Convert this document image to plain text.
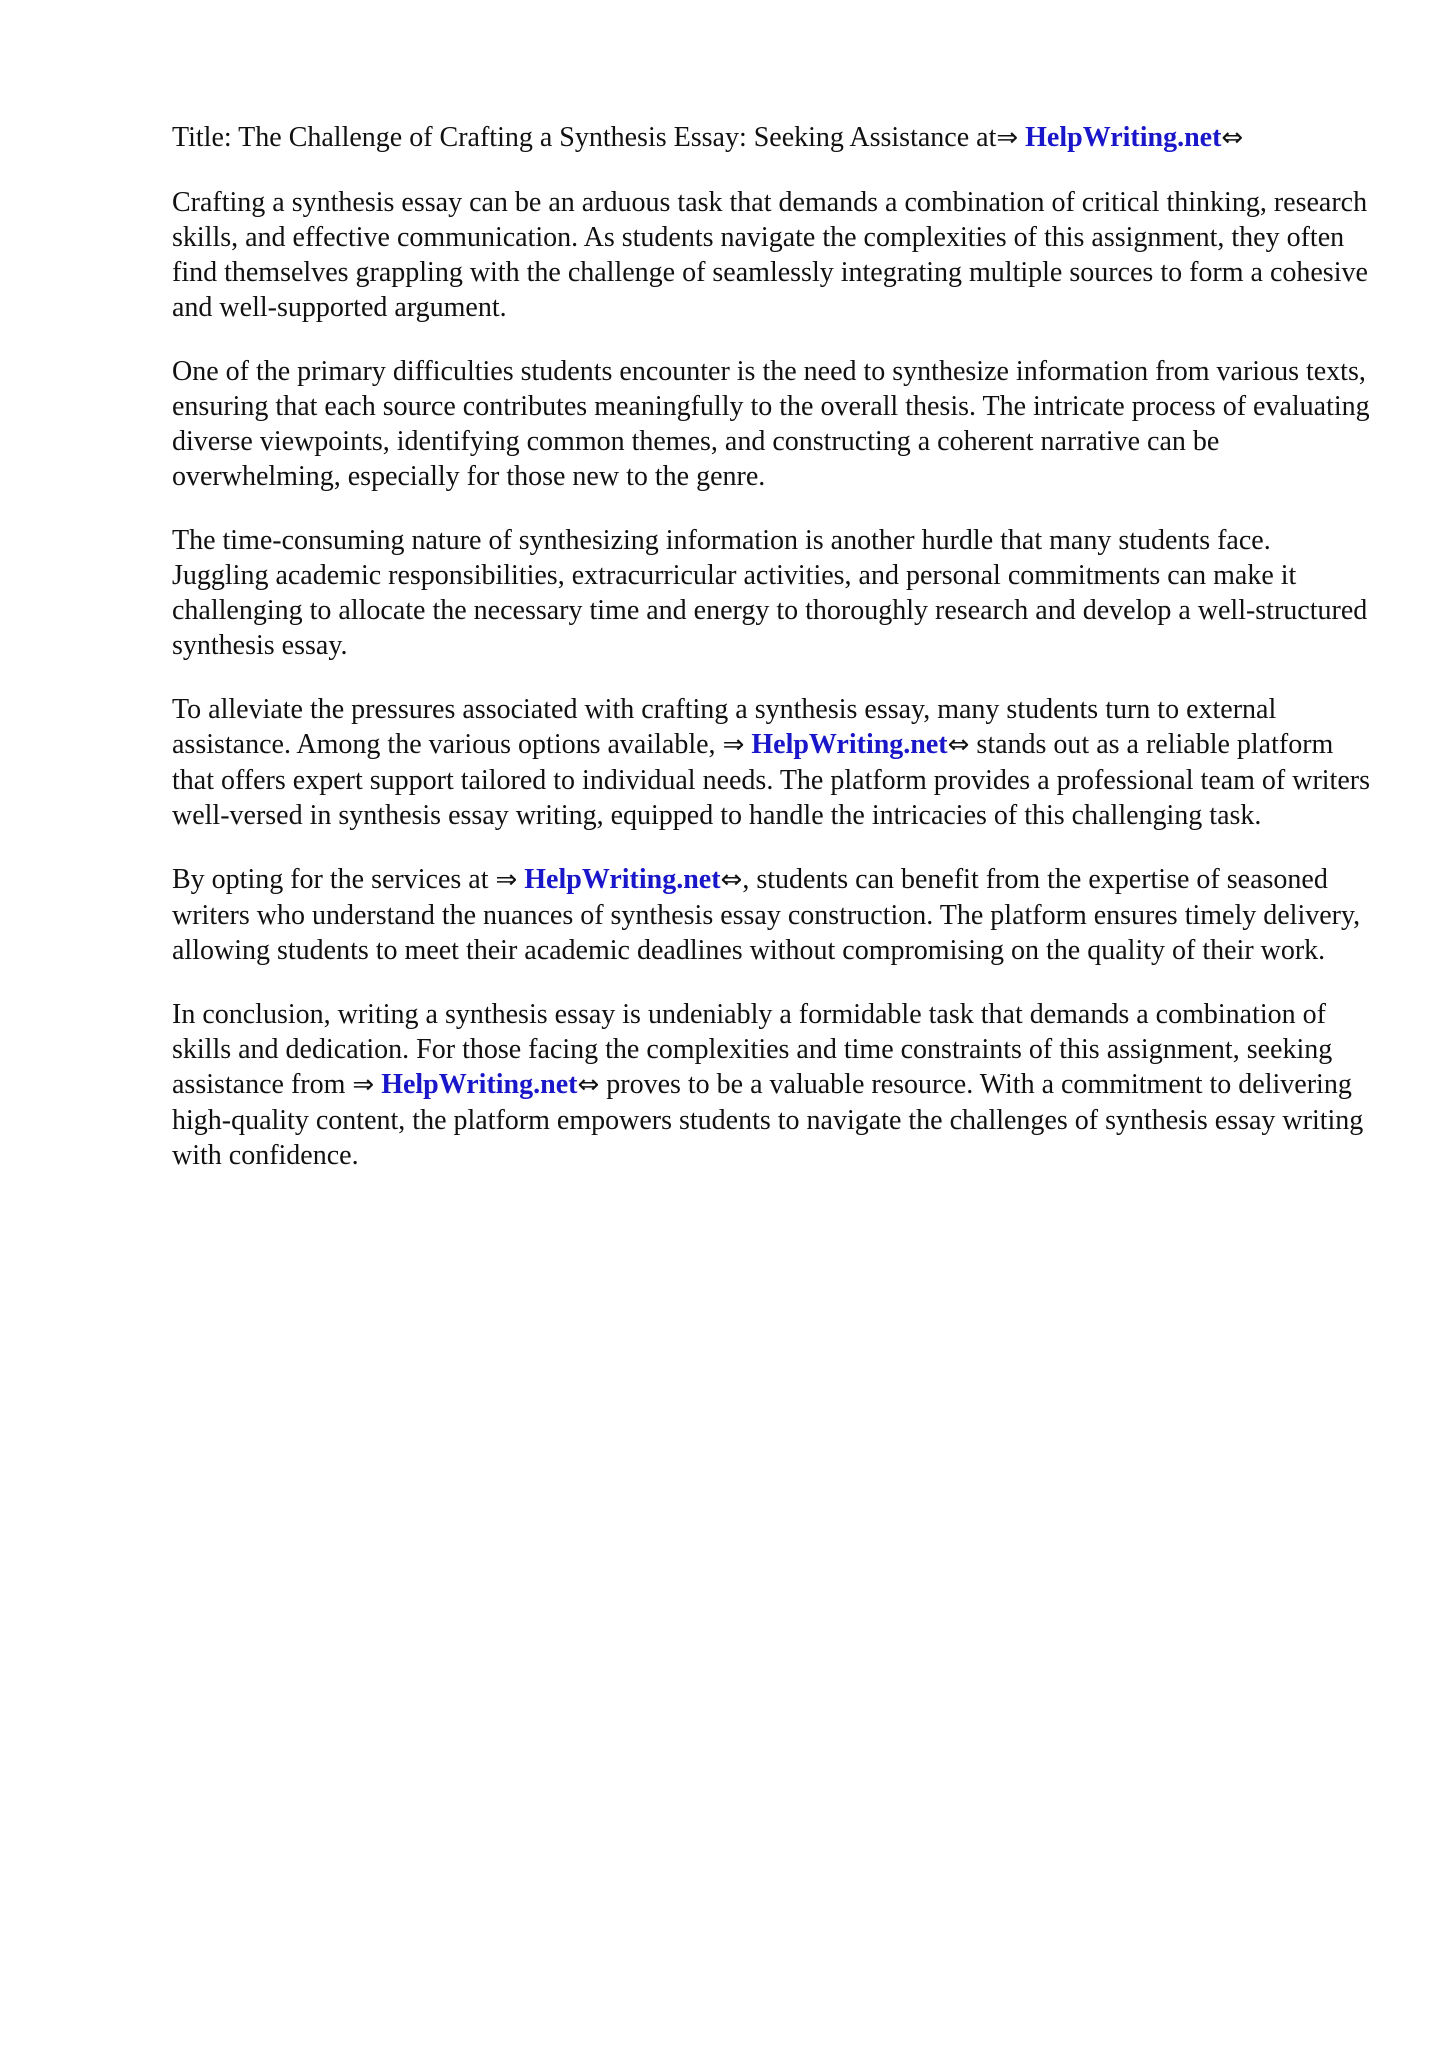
Title: The Challenge of Crafting a Synthesis Essay: Seeking Assistance at⇒ HelpWriting.net⇔

Crafting a synthesis essay can be an arduous task that demands a combination of critical thinking, research skills, and effective communication. As students navigate the complexities of this assignment, they often find themselves grappling with the challenge of seamlessly integrating multiple sources to form a cohesive and well-supported argument.

One of the primary difficulties students encounter is the need to synthesize information from various texts, ensuring that each source contributes meaningfully to the overall thesis. The intricate process of evaluating diverse viewpoints, identifying common themes, and constructing a coherent narrative can be overwhelming, especially for those new to the genre.

The time-consuming nature of synthesizing information is another hurdle that many students face. Juggling academic responsibilities, extracurricular activities, and personal commitments can make it challenging to allocate the necessary time and energy to thoroughly research and develop a well-structured synthesis essay.

To alleviate the pressures associated with crafting a synthesis essay, many students turn to external assistance. Among the various options available, ⇒ HelpWriting.net⇔ stands out as a reliable platform that offers expert support tailored to individual needs. The platform provides a professional team of writers well-versed in synthesis essay writing, equipped to handle the intricacies of this challenging task.

By opting for the services at ⇒ HelpWriting.net⇔, students can benefit from the expertise of seasoned writers who understand the nuances of synthesis essay construction. The platform ensures timely delivery, allowing students to meet their academic deadlines without compromising on the quality of their work.

In conclusion, writing a synthesis essay is undeniably a formidable task that demands a combination of skills and dedication. For those facing the complexities and time constraints of this assignment, seeking assistance from ⇒ HelpWriting.net⇔ proves to be a valuable resource. With a commitment to delivering high-quality content, the platform empowers students to navigate the challenges of synthesis essay writing with confidence.
